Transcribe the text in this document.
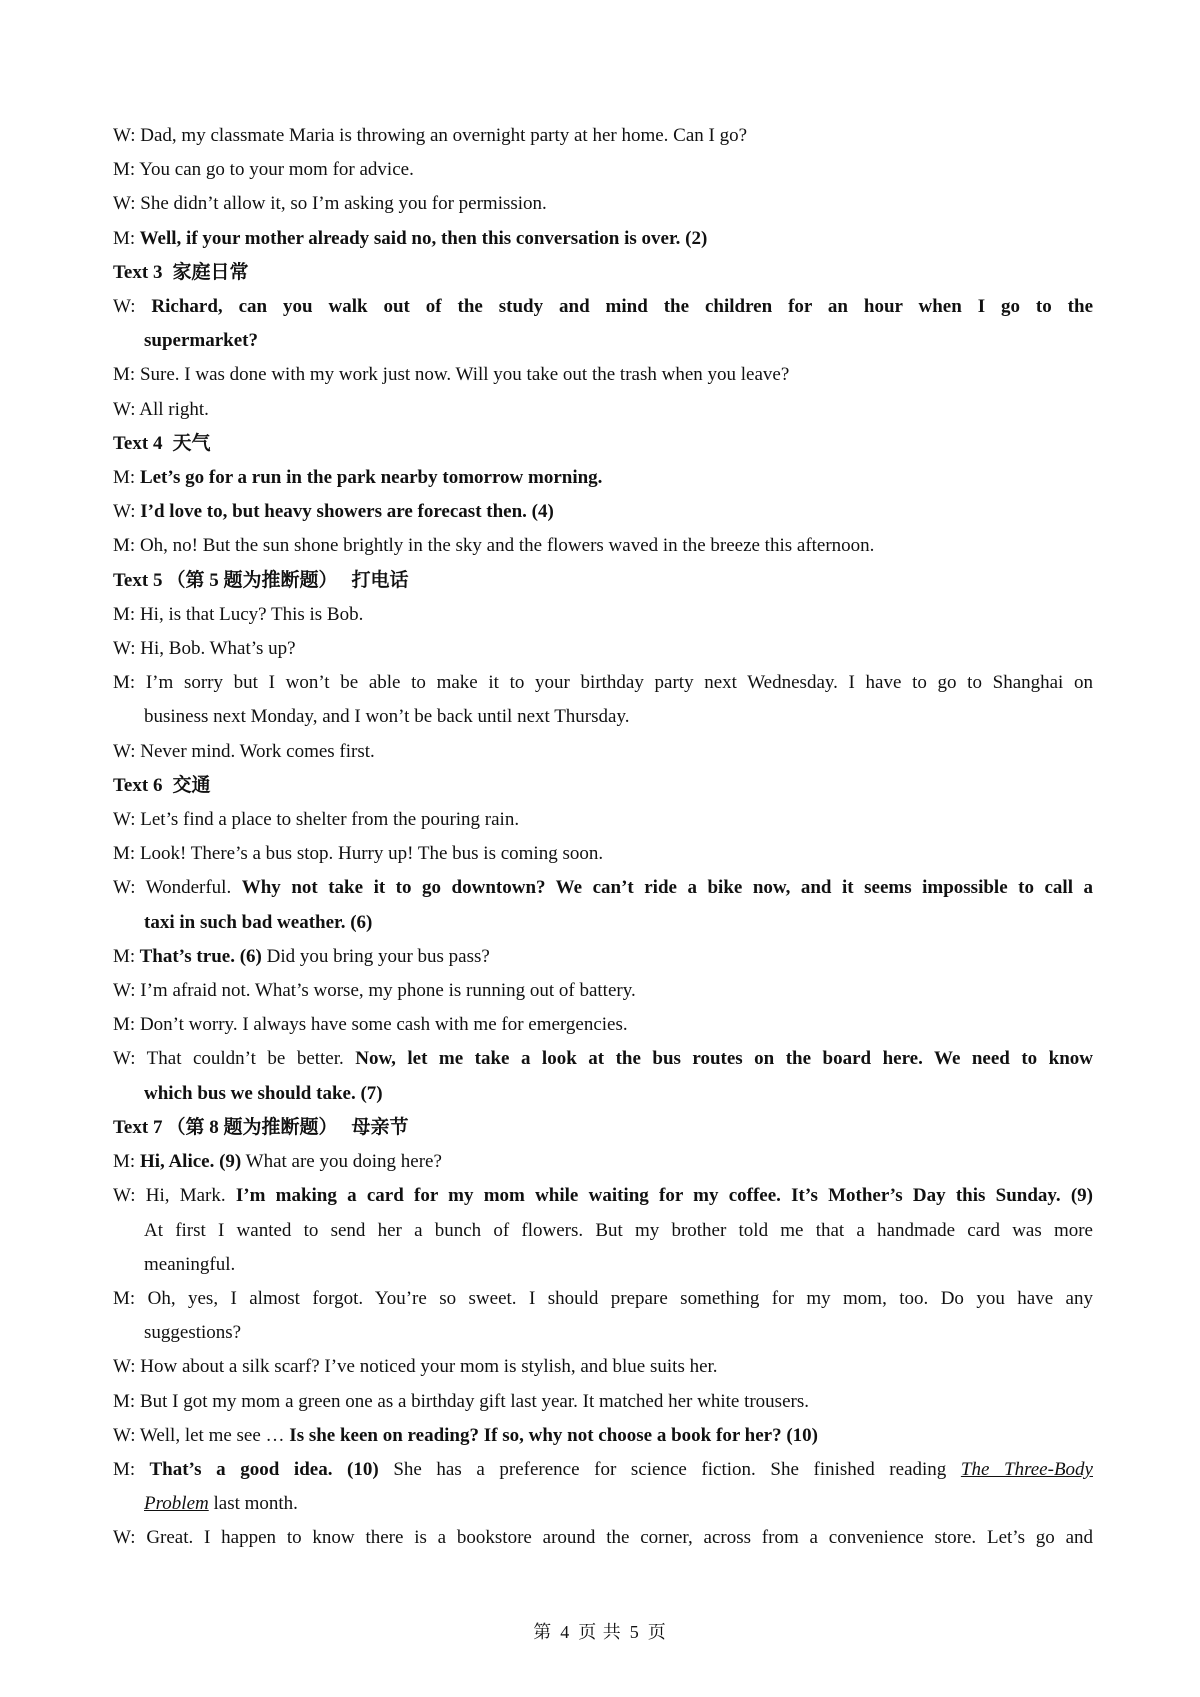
W: Dad, my classmate Maria is throwing an overnight party at her home. Can I go?
M: You can go to your mom for advice.
W: She didn’t allow it, so I’m asking you for permission.
M: Well, if your mother already said no, then this conversation is over. (2)
Text 3 家庭日常
W: Richard, can you walk out of the study and mind the children for an hour when I go to the
supermarket?
M: Sure. I was done with my work just now. Will you take out the trash when you leave?
W: All right.
Text 4 天气
M: Let’s go for a run in the park nearby tomorrow morning.
W: I’d love to, but heavy showers are forecast then. (4)
M: Oh, no! But the sun shone brightly in the sky and the flowers waved in the breeze this afternoon.
Text 5 （第 5 题为推断题） 打电话
M: Hi, is that Lucy? This is Bob.
W: Hi, Bob. What’s up?
M: I’m sorry but I won’t be able to make it to your birthday party next Wednesday. I have to go to Shanghai on
business next Monday, and I won’t be back until next Thursday.
W: Never mind. Work comes first.
Text 6 交通
W: Let’s find a place to shelter from the pouring rain.
M: Look! There’s a bus stop. Hurry up! The bus is coming soon.
W: Wonderful. Why not take it to go downtown? We can’t ride a bike now, and it seems impossible to call a
taxi in such bad weather. (6)
M: That’s true. (6) Did you bring your bus pass?
W: I’m afraid not. What’s worse, my phone is running out of battery.
M: Don’t worry. I always have some cash with me for emergencies.
W: That couldn’t be better. Now, let me take a look at the bus routes on the board here. We need to know
which bus we should take. (7)
Text 7 （第 8 题为推断题） 母亲节
M: Hi, Alice. (9) What are you doing here?
W: Hi, Mark. I’m making a card for my mom while waiting for my coffee. It’s Mother’s Day this Sunday. (9)
At first I wanted to send her a bunch of flowers. But my brother told me that a handmade card was more
meaningful.
M: Oh, yes, I almost forgot. You’re so sweet. I should prepare something for my mom, too. Do you have any
suggestions?
W: How about a silk scarf? I’ve noticed your mom is stylish, and blue suits her.
M: But I got my mom a green one as a birthday gift last year. It matched her white trousers.
W: Well, let me see … Is she keen on reading? If so, why not choose a book for her? (10)
M: That’s a good idea. (10) She has a preference for science fiction. She finished reading The Three-Body
Problem last month.
W: Great. I happen to know there is a bookstore around the corner, across from a convenience store. Let’s go and
第 4 页 共 5 页
